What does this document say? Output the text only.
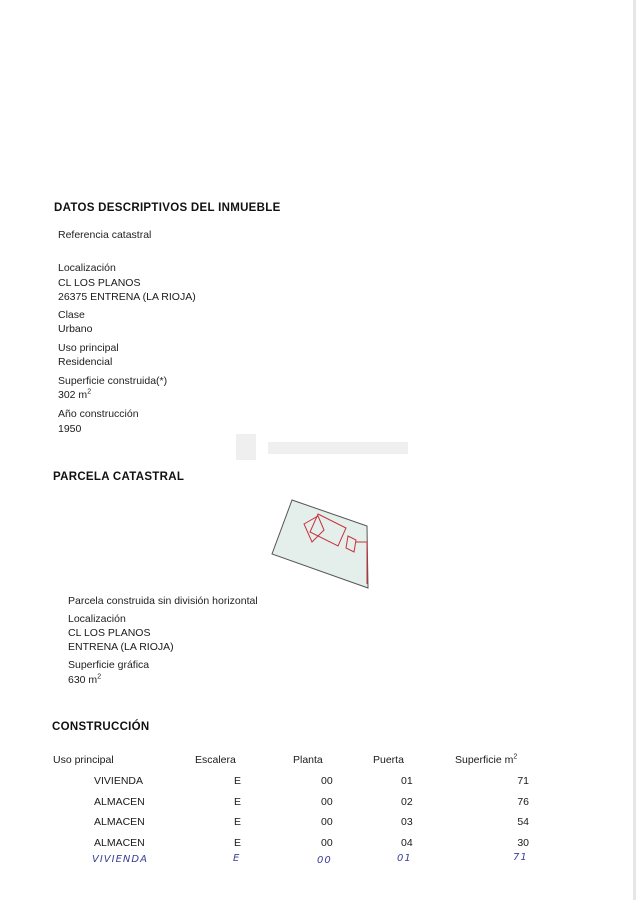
DATOS DESCRIPTIVOS DEL INMUEBLE
Referencia catastral
Localización
CL LOS PLANOS
26375 ENTRENA (LA RIOJA)
Clase
Urbano
Uso principal
Residencial
Superficie construida(*)
302 $m^2$
Año construcción
1950
PARCELA CATASTRAL
Parcela construida sin división horizontal
Localización
CL LOS PLANOS
ENTRENA (LA RIOJA)
Superficie gráfica
630 $m^2$
CONSTRUCCIÓN
Uso principal	Escalera	Planta	Puerta	Superficie $m^2$
VIVIENDA	E	00	01	71
ALMACEN	E	00	02	76
ALMACEN	E	00	03	54
ALMACEN	E	00	04	30
VIVIENDA	E	00	01	71
